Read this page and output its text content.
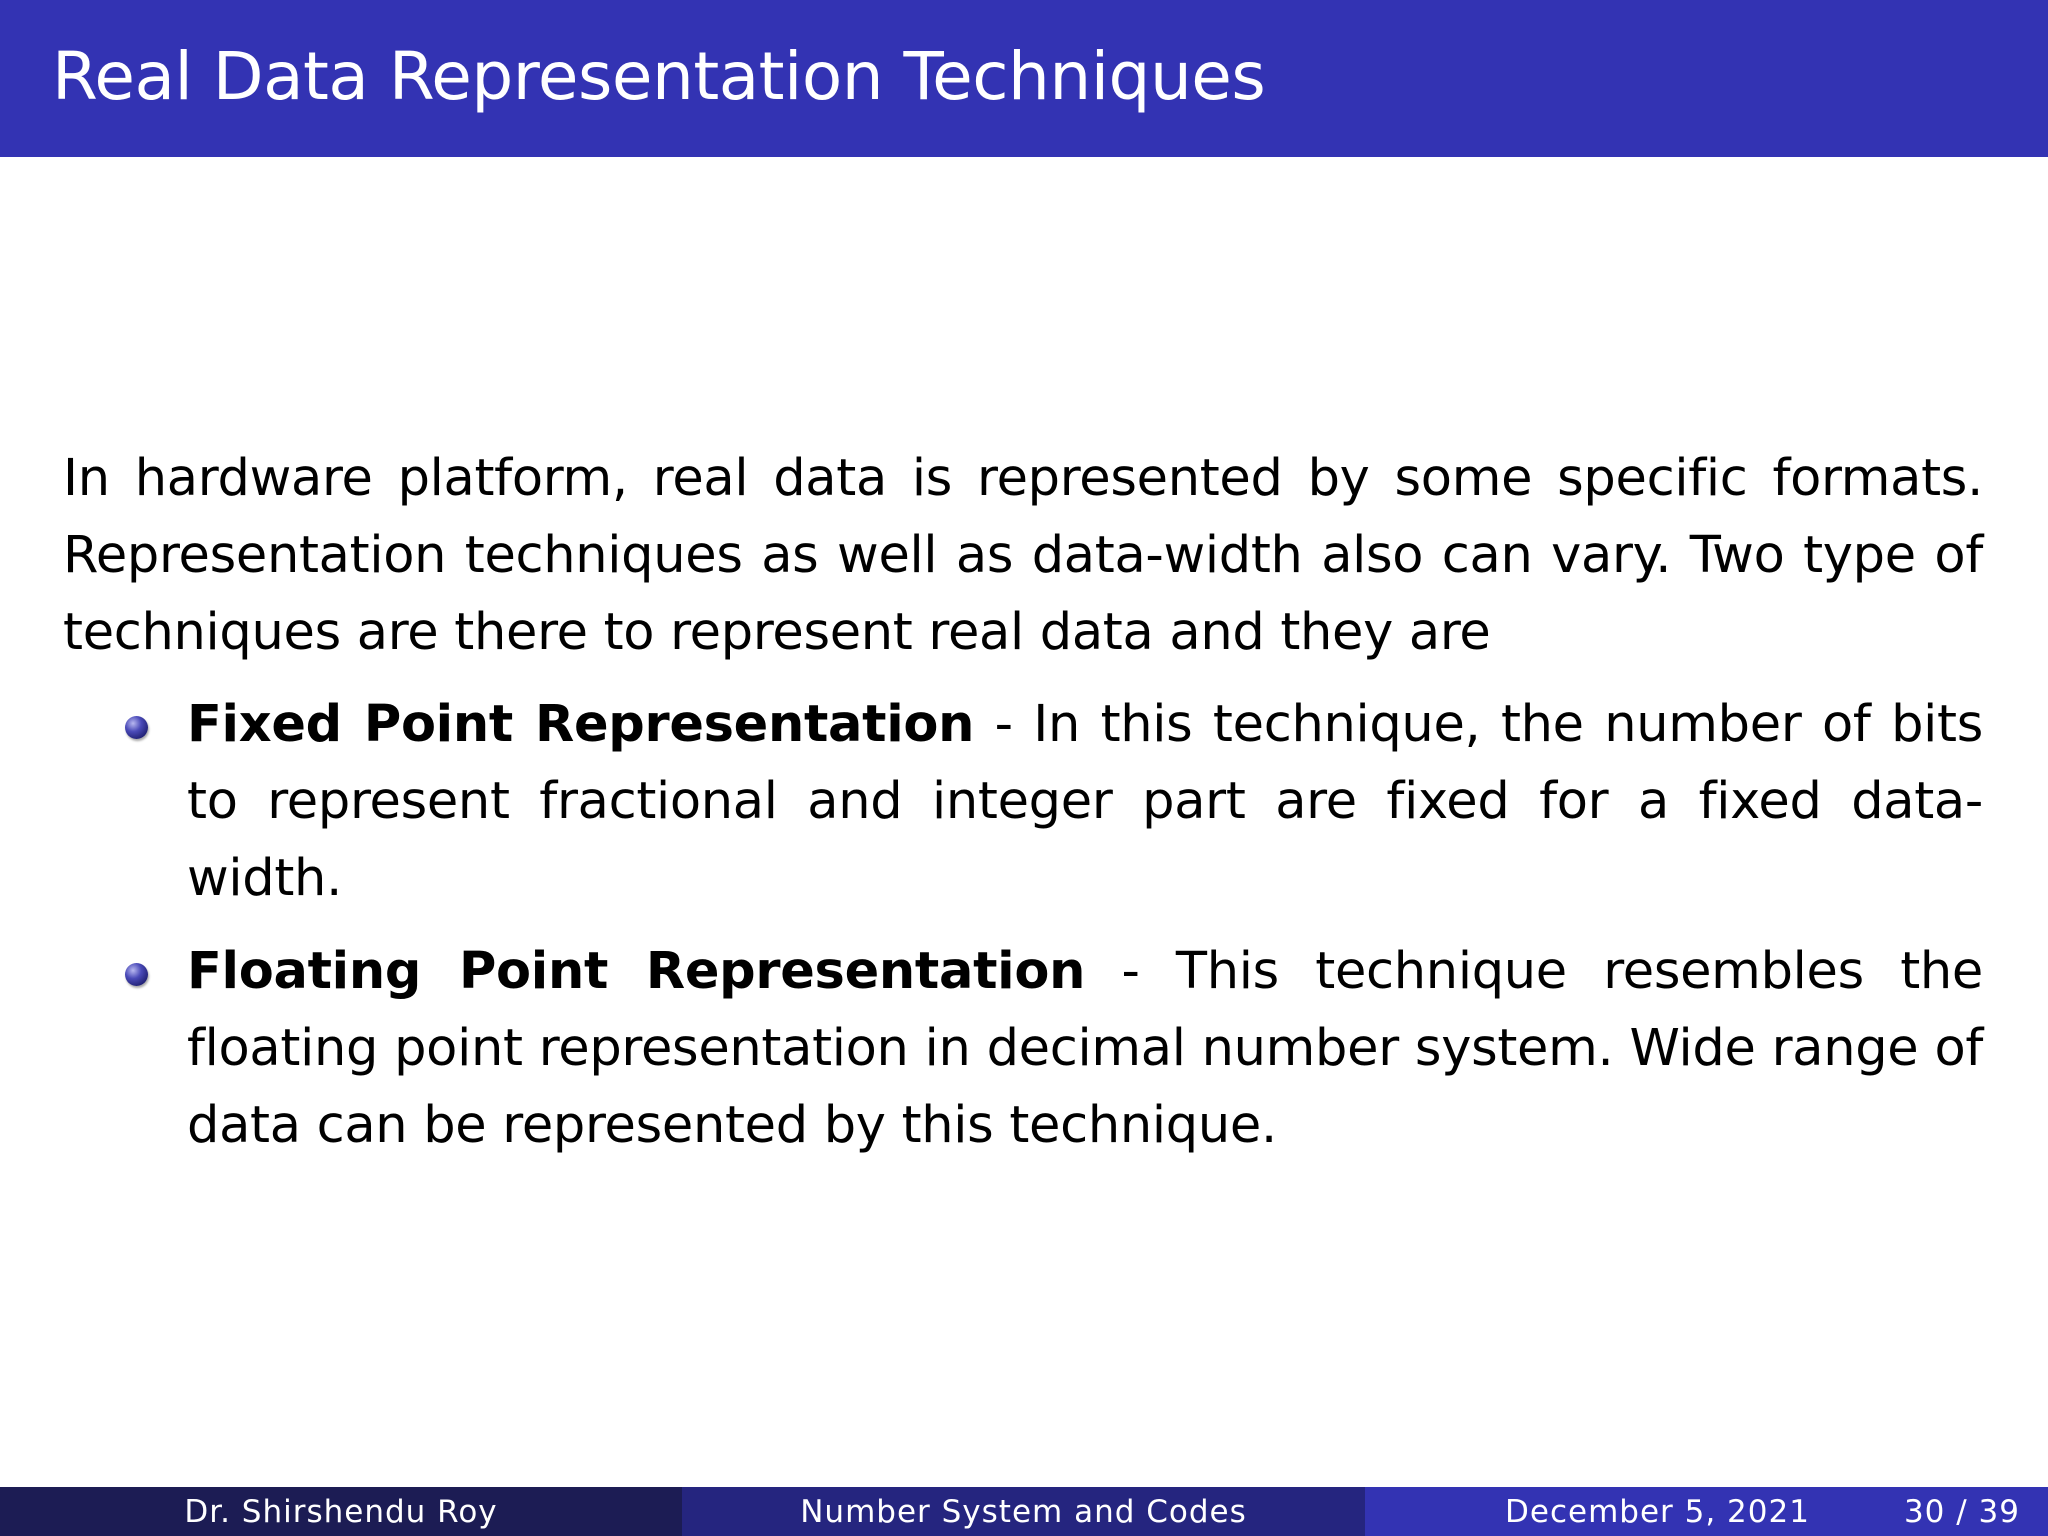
Real Data Representation Techniques

In hardware platform, real data is represented by some specific formats. Representation techniques as well as data-width also can vary. Two type of techniques are there to represent real data and they are

Fixed Point Representation - In this technique, the number of bits to represent fractional and integer part are fixed for a fixed data-width.
Floating Point Representation - This technique resembles the floating point representation in decimal number system. Wide range of data can be represented by this technique.
Dr. Shirshendu Roy	Number System and Codes	December 5, 2021	30 / 39
